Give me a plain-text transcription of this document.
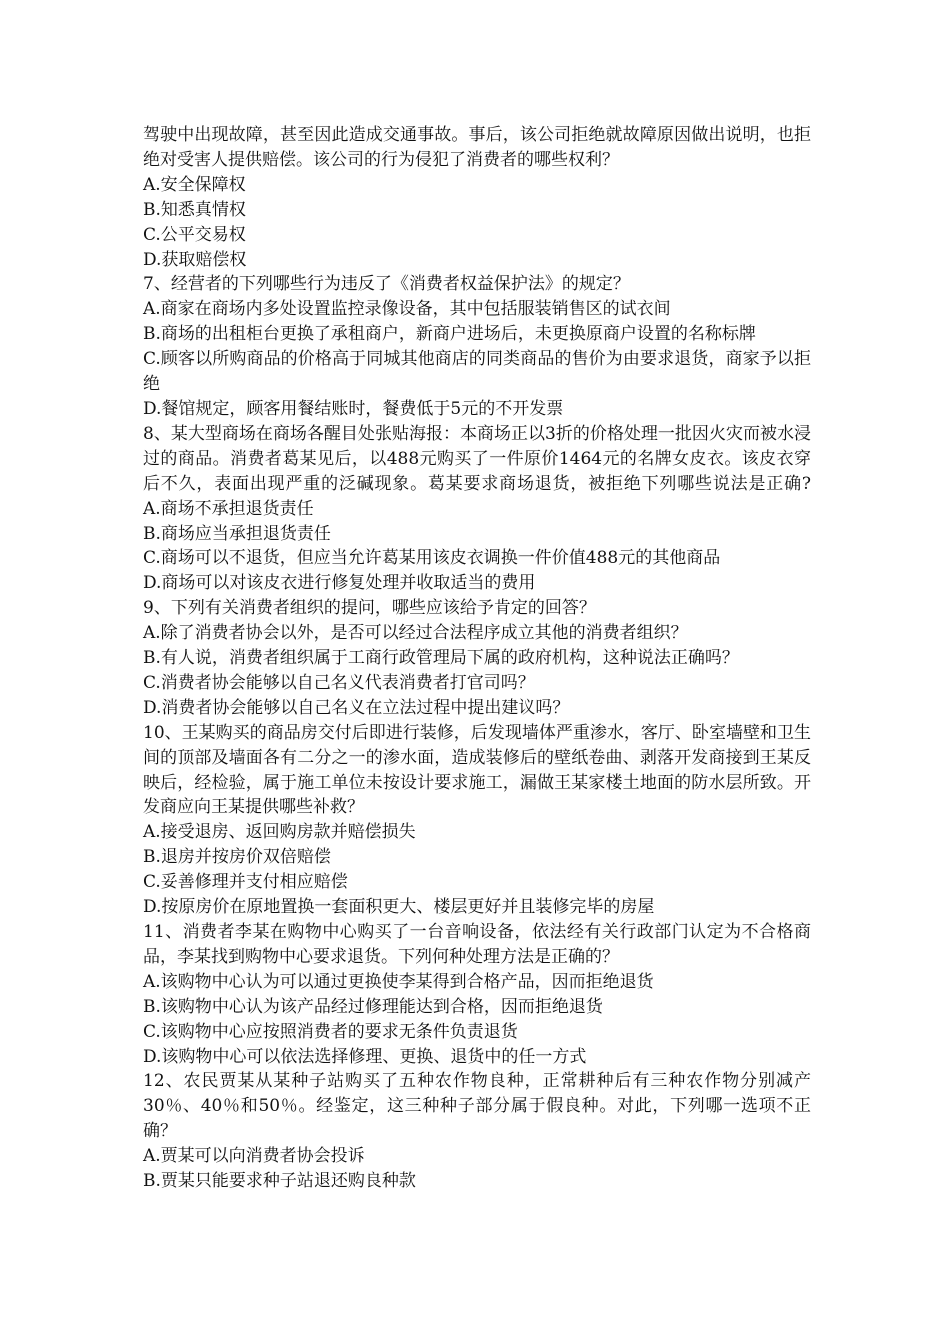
驾驶中出现故障，甚至因此造成交通事故。事后，该公司拒绝就故障原因做出说明，也拒绝对受害人提供赔偿。该公司的行为侵犯了消费者的哪些权利？

A.安全保障权

B.知悉真情权

C.公平交易权

D.获取赔偿权

7、经营者的下列哪些行为违反了《消费者权益保护法》的规定？

A.商家在商场内多处设置监控录像设备，其中包括服装销售区的试衣间

B.商场的出租柜台更换了承租商户，新商户进场后，未更换原商户设置的名称标牌

C.顾客以所购商品的价格高于同城其他商店的同类商品的售价为由要求退货，商家予以拒绝

D.餐馆规定，顾客用餐结账时，餐费低于5元的不开发票

8、某大型商场在商场各醒目处张贴海报：本商场正以3折的价格处理一批因火灾而被水浸过的商品。消费者葛某见后，以488元购买了一件原价1464元的名牌女皮衣。该皮衣穿后不久，表面出现严重的泛碱现象。葛某要求商场退货，被拒绝下列哪些说法是正确?　　A.商场不承担退货责任

B.商场应当承担退货责任

C.商场可以不退货，但应当允许葛某用该皮衣调换一件价值488元的其他商品

D.商场可以对该皮衣进行修复处理并收取适当的费用

9、下列有关消费者组织的提问，哪些应该给予肯定的回答？

A.除了消费者协会以外，是否可以经过合法程序成立其他的消费者组织？

B.有人说，消费者组织属于工商行政管理局下属的政府机构，这种说法正确吗？

C.消费者协会能够以自己名义代表消费者打官司吗？

D.消费者协会能够以自己名义在立法过程中提出建议吗？

10、王某购买的商品房交付后即进行装修，后发现墙体严重渗水，客厅、卧室墙壁和卫生间的顶部及墙面各有二分之一的渗水面，造成装修后的壁纸卷曲、剥落开发商接到王某反映后，经检验，属于施工单位未按设计要求施工，漏做王某家楼土地面的防水层所致。开发商应向王某提供哪些补救？

A.接受退房、返回购房款并赔偿损失

B.退房并按房价双倍赔偿

C.妥善修理并支付相应赔偿

D.按原房价在原地置换一套面积更大、楼层更好并且装修完毕的房屋

11、消费者李某在购物中心购买了一台音响设备，依法经有关行政部门认定为不合格商品，李某找到购物中心要求退货。下列何种处理方法是正确的？

A.该购物中心认为可以通过更换使李某得到合格产品，因而拒绝退货

B.该购物中心认为该产品经过修理能达到合格，因而拒绝退货

C.该购物中心应按照消费者的要求无条件负责退货

D.该购物中心可以依法选择修理、更换、退货中的任一方式

12、农民贾某从某种子站购买了五种农作物良种，正常耕种后有三种农作物分别减产30％、40％和50％。经鉴定，这三种种子部分属于假良种。对此，下列哪一选项不正确？

A.贾某可以向消费者协会投诉

B.贾某只能要求种子站退还购良种款
